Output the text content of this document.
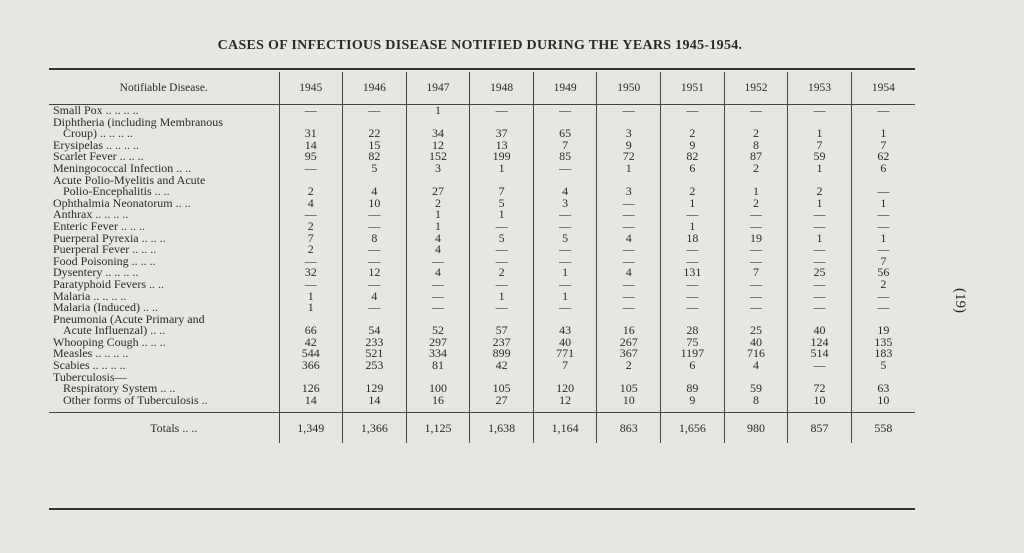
CASES OF INFECTIOUS DISEASE NOTIFIED DURING THE YEARS 1945-1954.
Notifiable Disease.	1945	1946	1947	1948	1949	1950	1951	1952	1953	1954
Small Pox .. .. .. ..	—	—	1	—	—	—	—	—	—	—
Diphtheria (including Membranous										
Croup) .. .. .. ..	31	22	34	37	65	3	2	2	1	1
Erysipelas .. .. .. ..	14	15	12	13	7	9	9	8	7	7
Scarlet Fever .. .. ..	95	82	152	199	85	72	82	87	59	62
Meningococcal Infection .. ..	—	5	3	1	—	1	6	2	1	6
Acute Polio-Myelitis and Acute										
Polio-Encephalitis .. ..	2	4	27	7	4	3	2	1	2	—
Ophthalmia Neonatorum .. ..	4	10	2	5	3	—	1	2	1	1
Anthrax .. .. .. ..	—	—	1	1	—	—	—	—	—	—
Enteric Fever .. .. ..	2	—	1	—	—	—	1	—	—	—
Puerperal Pyrexia .. .. ..	7	8	4	5	5	4	18	19	1	1
Puerperal Fever .. .. ..	2	—	4	—	—	—	—	—	—	—
Food Poisoning .. .. ..	—	—	—	—	—	—	—	—	—	7
Dysentery .. .. .. ..	32	12	4	2	1	4	131	7	25	56
Paratyphoid Fevers .. ..	—	—	—	—	—	—	—	—	—	2
Malaria .. .. .. ..	1	4	—	1	1	—	—	—	—	—
Malaria (Induced) .. ..	1	—	—	—	—	—	—	—	—	—
Pneumonia (Acute Primary and										
Acute Influenzal) .. ..	66	54	52	57	43	16	28	25	40	19
Whooping Cough .. .. ..	42	233	297	237	40	267	75	40	124	135
Measles .. .. .. ..	544	521	334	899	771	367	1197	716	514	183
Scabies .. .. .. ..	366	253	81	42	7	2	6	4	—	5
Tuberculosis—										
Respiratory System .. ..	126	129	100	105	120	105	89	59	72	63
Other forms of Tuberculosis ..	14	14	16	27	12	10	9	8	10	10

Totals .. ..	1,349	1,366	1,125	1,638	1,164	863	1,656	980	857	558
(19)
